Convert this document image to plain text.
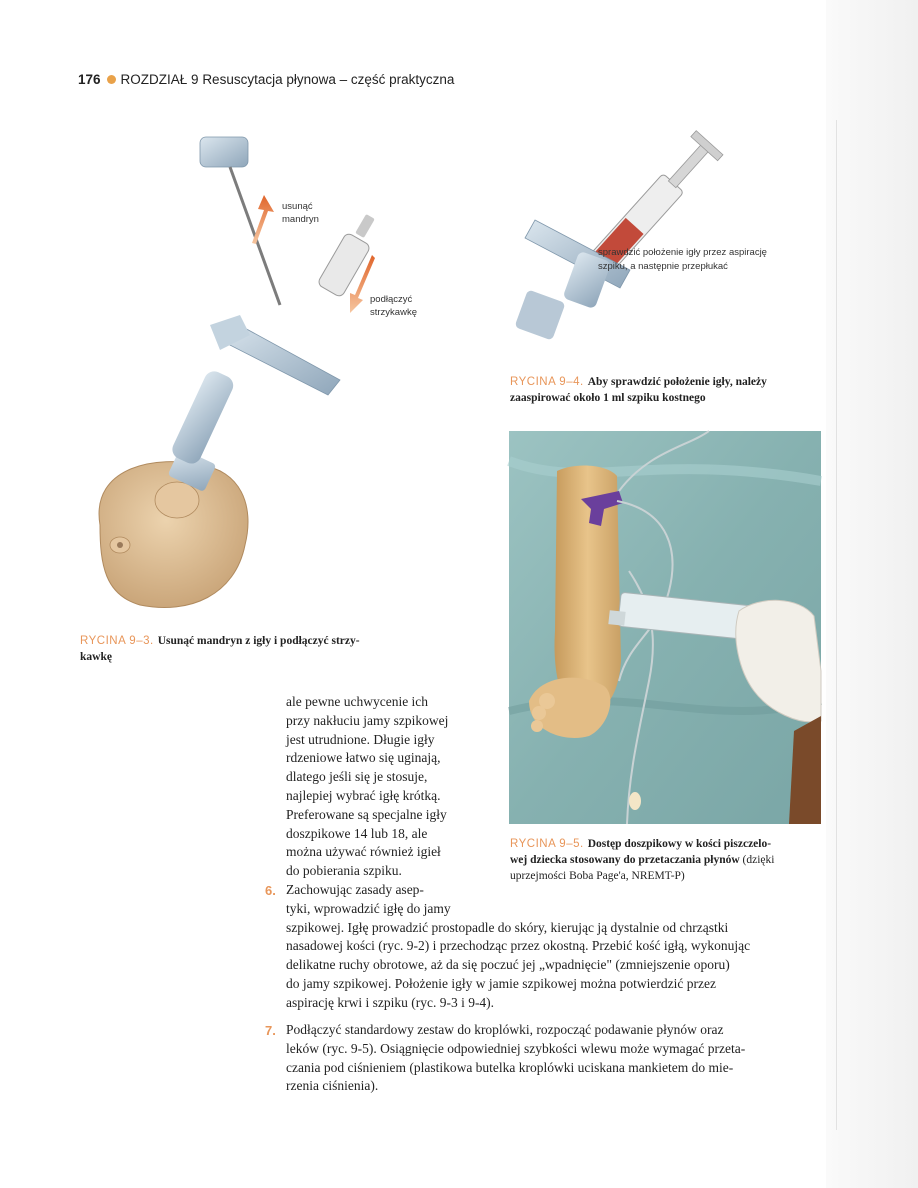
176 ROZDZIAŁ 9 Resuscytacja płynowa – część praktyczna
usunąć
mandryn
podłączyć
strzykawkę
RYCINA 9–3. Usunąć mandryn z igły i podłączyć strzy-
kawkę
sprawdzić położenie igły przez aspirację
szpiku, a następnie przepłukać
RYCINA 9–4. Aby sprawdzić położenie igły, należy
zaaspirować około 1 ml szpiku kostnego
RYCINA 9–5. Dostęp doszpikowy w kości piszczelo-
wej dziecka stosowany do przetaczania płynów (dzięki
uprzejmości Boba Page'a, NREMT-P)
ale pewne uchwycenie ich
przy nakłuciu jamy szpikowej
jest utrudnione. Długie igły
rdzeniowe łatwo się uginają,
dlatego jeśli się je stosuje,
najlepiej wybrać igłę krótką.
Preferowane są specjalne igły
doszpikowe 14 lub 18, ale
można używać również igieł
do pobierania szpiku.
6. Zachowując zasady asep-
tyki, wprowadzić igłę do jamy
szpikowej. Igłę prowadzić prostopadle do skóry, kierując ją dystalnie od chrząstki
nasadowej kości (ryc. 9-2) i przechodząc przez okostną. Przebić kość igłą, wykonując
delikatne ruchy obrotowe, aż da się poczuć jej „wpadnięcie" (zmniejszenie oporu)
do jamy szpikowej. Położenie igły w jamie szpikowej można potwierdzić przez
aspirację krwi i szpiku (ryc. 9-3 i 9-4).
7. Podłączyć standardowy zestaw do kroplówki, rozpocząć podawanie płynów oraz
leków (ryc. 9-5). Osiągnięcie odpowiedniej szybkości wlewu może wymagać przeta-
czania pod ciśnieniem (plastikowa butelka kroplówki uciskana mankietem do mie-
rzenia ciśnienia).
